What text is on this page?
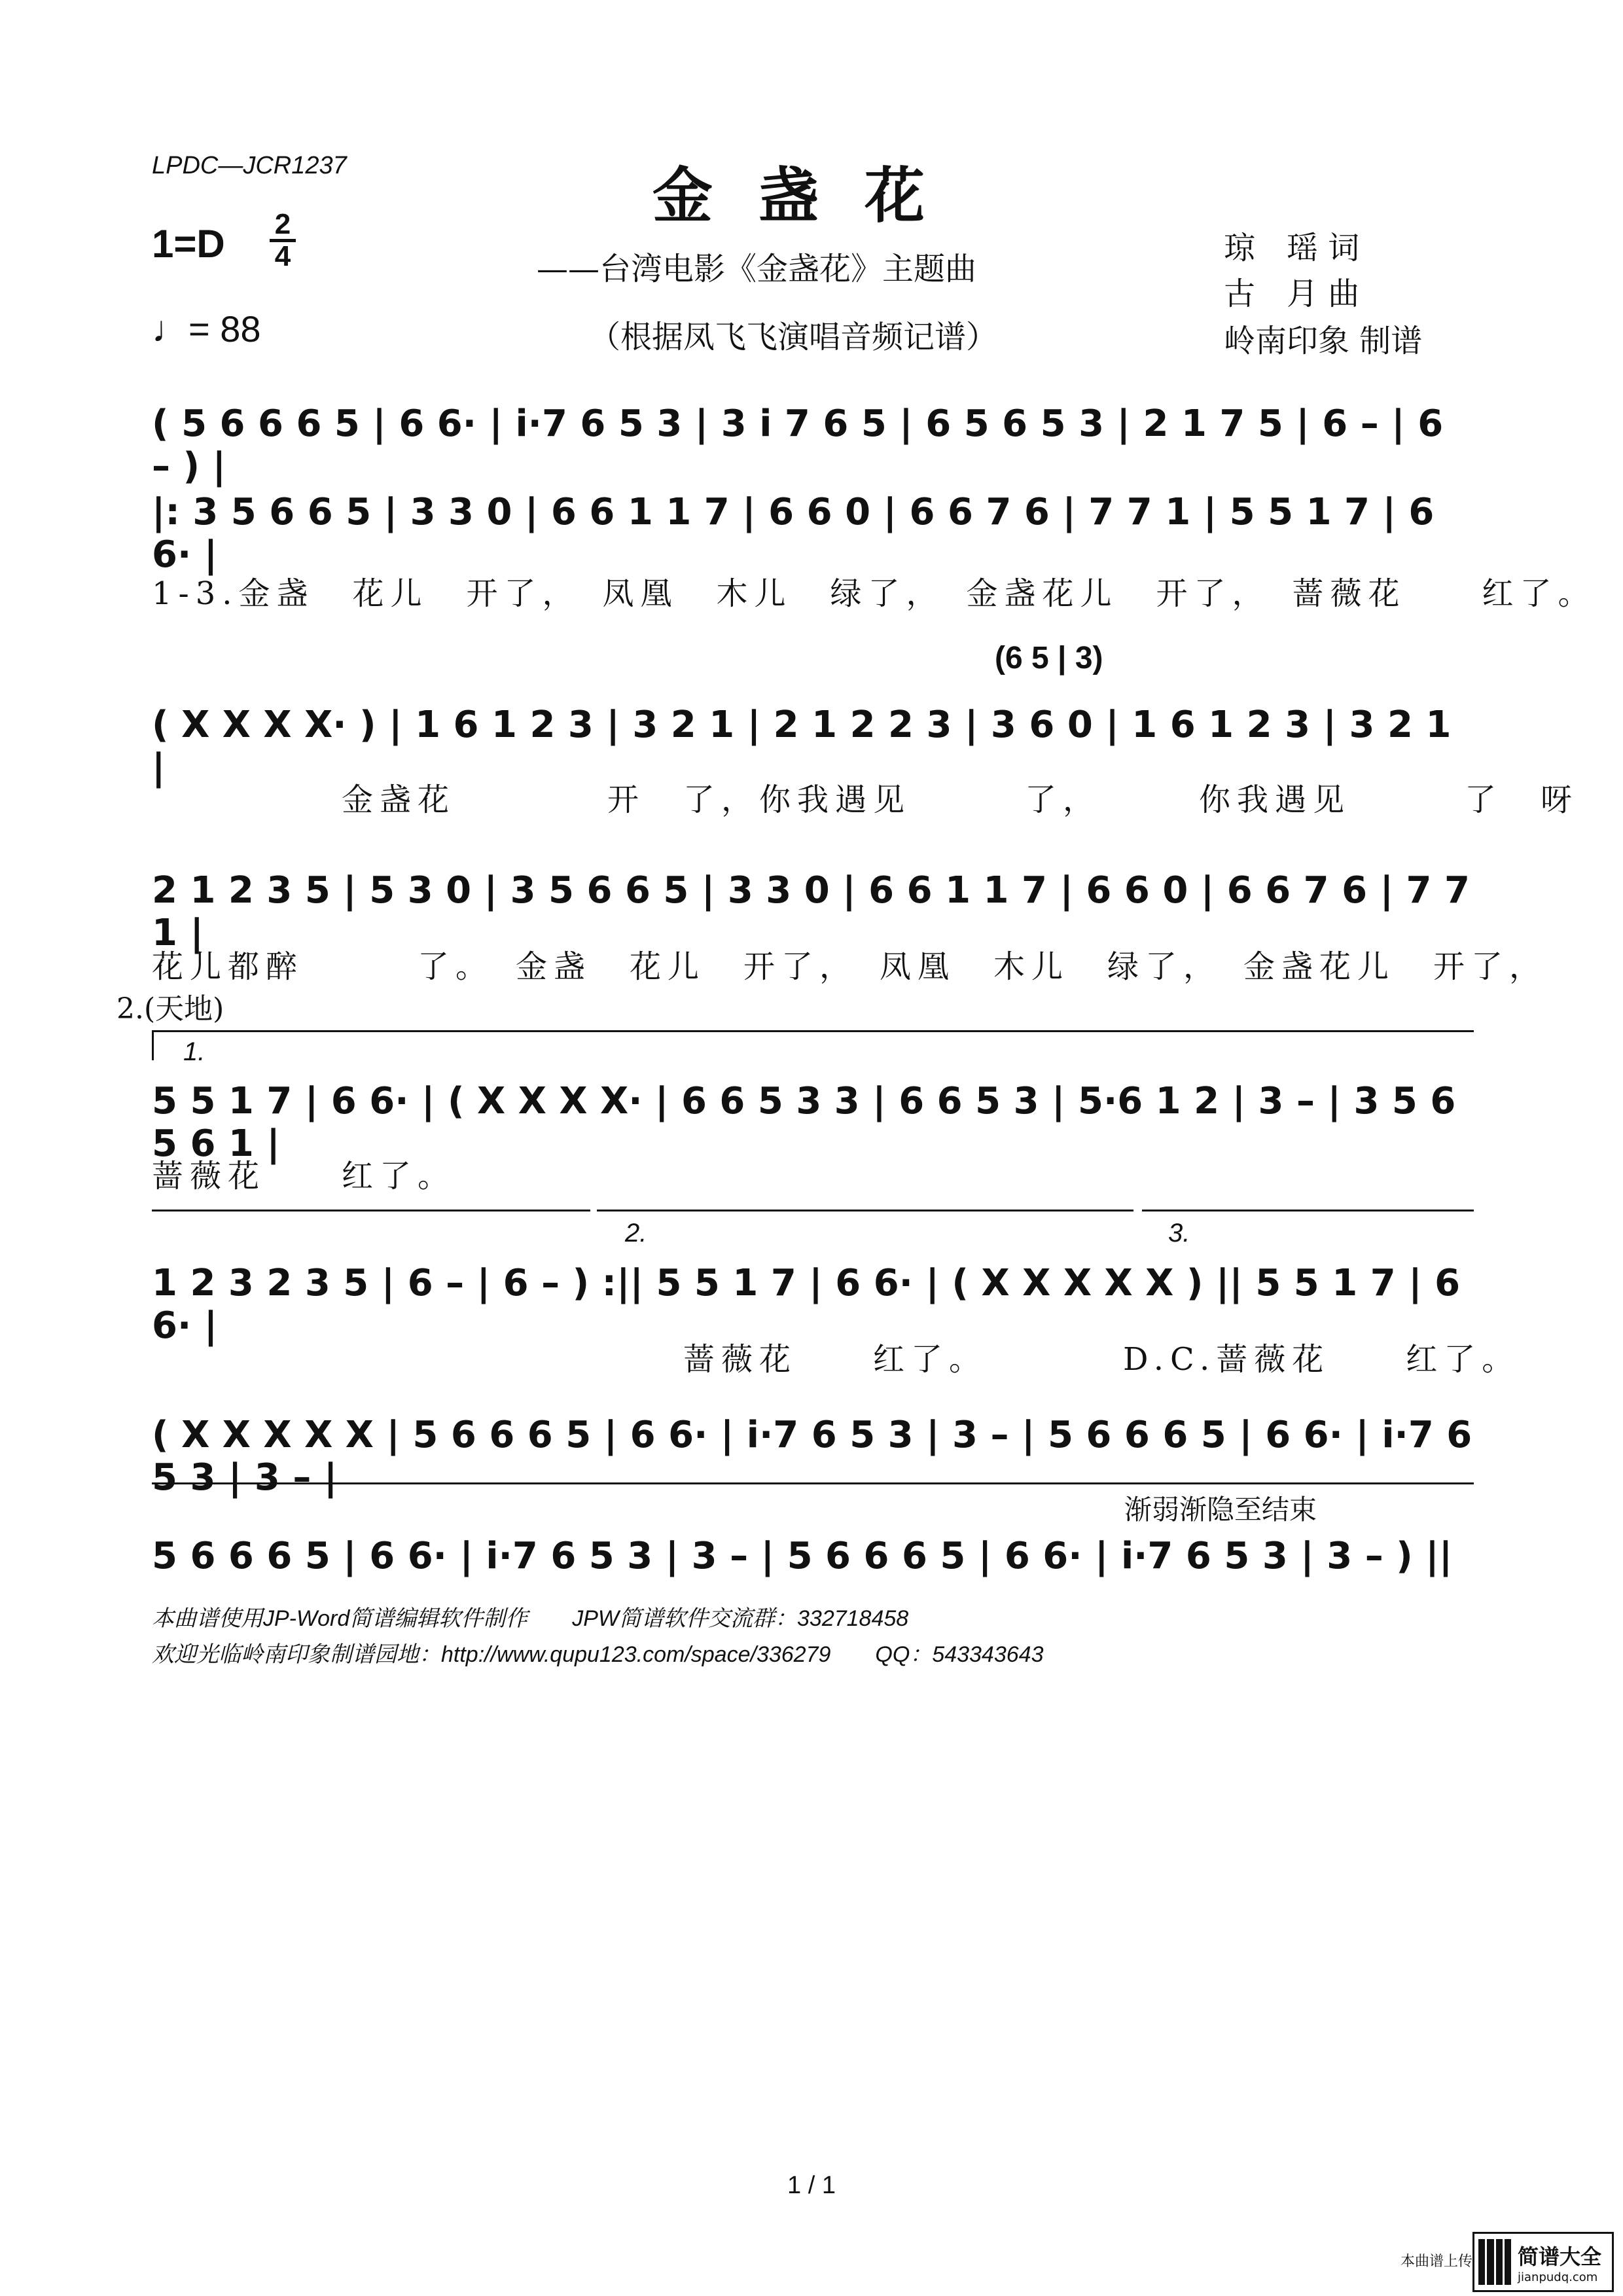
LPDC—JCR1237	金盏花
——台湾电影《金盏花》主题曲
（根据凤飞飞演唱音频记谱）
1=D 2
4
♩= 88
琼　瑶 词
古　月 曲
岭南印象 制谱
( 5 6 6 6 5 | 6 6· | i·7 6 5 3 | 3 i 7 6 5 | 6 5 6 5 3 | 2 1 7 5 | 6 – | 6 – ) |
|: 3 5 6 6 5 | 3 3 0 | 6 6 1 1 7 | 6 6 0 | 6 6 7 6 | 7 7 1 | 5 5 1 7 | 6 6· |
1-3.金盏　花儿　开了，　凤凰　木儿　绿了，　金盏花儿　开了，　蔷薇花　　红了。
(6 5 | 3)
( X X X X· ) | 1 6 1 2 3 | 3 2 1 | 2 1 2 2 3 | 3 6 0 | 1 6 1 2 3 | 3 2 1 |
金盏花　　　　开　了，你我遇见　　　了，　　　你我遇见　　　了　呀
2 1 2 3 5 | 5 3 0 | 3 5 6 6 5 | 3 3 0 | 6 6 1 1 7 | 6 6 0 | 6 6 7 6 | 7 7 1 |
花儿都醉　　　了。　金盏　花儿　开了，　凤凰　木儿　绿了，　金盏花儿　开了，
2.(天地)
1.
5 5 1 7 | 6 6· | ( X X X X· | 6 6 5 3 3 | 6 6 5 3 | 5·6 1 2 | 3 – | 3 5 6 5 6 1 |
蔷薇花　　红了。
2.	3.
1 2 3 2 3 5 | 6 – | 6 – ) :|| 5 5 1 7 | 6 6· | ( X X X X X ) || 5 5 1 7 | 6 6· |
　　　　　　　　　　　　　　蔷薇花　　红了。　　　　D.C.蔷薇花　　红了。
( X X X X X | 5 6 6 6 5 | 6 6· | i·7 6 5 3 | 3 – | 5 6 6 6 5 | 6 6· | i·7 6 5 3 | 3 – |
渐弱渐隐至结束
5 6 6 6 5 | 6 6· | i·7 6 5 3 | 3 – | 5 6 6 6 5 | 6 6· | i·7 6 5 3 | 3 – ) ||
本曲谱使用JP-Word简谱编辑软件制作　　JPW简谱软件交流群：332718458
欢迎光临岭南印象制谱园地：http://www.qupu123.com/space/336279　　QQ：543343643
1 / 1
本曲谱上传 简谱大全
jianpudq.com
